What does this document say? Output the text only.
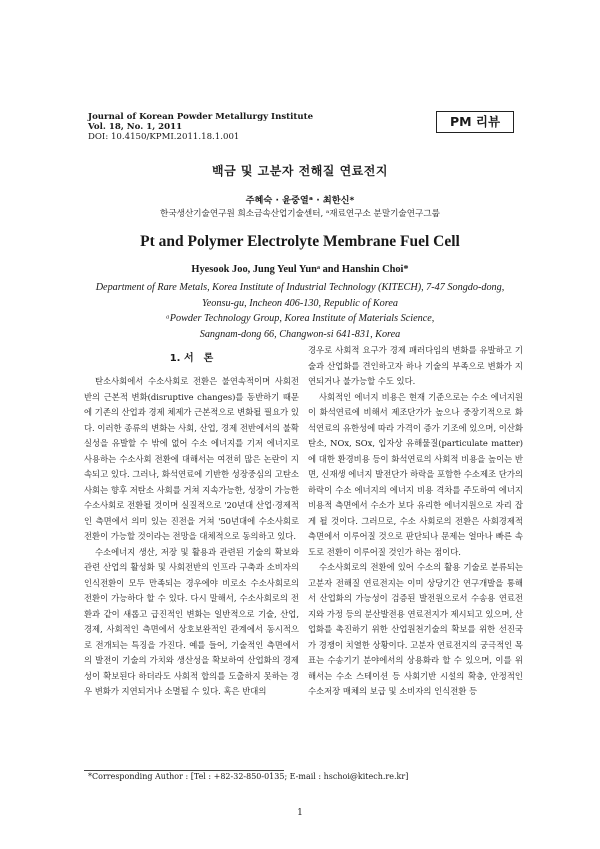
Journal of Korean Powder Metallurgy Institute
Vol. 18, No. 1, 2011
DOI: 10.4150/KPMI.2011.18.1.001
PM 리뷰
백금 및 고분자 전해질 연료전지
주혜숙 · 윤중열ᵃ · 최한신*
한국생산기술연구원 희소금속산업기술센터, ᵃ재료연구소 분말기술연구그룹
Pt and Polymer Electrolyte Membrane Fuel Cell
Hyesook Joo, Jung Yeul Yunᵃ and Hanshin Choi*
Department of Rare Metals, Korea Institute of Industrial Technology (KITECH), 7-47 Songdo-dong,
Yeonsu-gu, Incheon 406-130, Republic of Korea
ᵃPowder Technology Group, Korea Institute of Materials Science,
Sangnam-dong 66, Changwon-si 641-831, Korea
1. 서　론

탄소사회에서 수소사회로 전환은 불연속적이며 사회전반의 근본적 변화(disruptive changes)를 동반하기 때문에 기존의 산업과 경제 체제가 근본적으로 변화될 필요가 있다. 이러한 종류의 변화는 사회, 산업, 경제 전반에서의 불확실성을 유발할 수 밖에 없어 수소 에너지를 기저 에너지로 사용하는 수소사회 전환에 대해서는 여전히 많은 논란이 지속되고 있다. 그러나, 화석연료에 기반한 성장중심의 고탄소 사회는 향후 저탄소 사회를 거쳐 지속가능한, 성장이 가능한 수소사회로 전환될 것이며 실질적으로 '20년대 산업·경제적인 측면에서 의미 있는 진전을 거쳐 '50년대에 수소사회로 전환이 가능할 것이라는 전망을 대체적으로 동의하고 있다.

수소에너지 생산, 저장 및 활용과 관련된 기술의 확보와 관련 산업의 활성화 및 사회전반의 인프라 구축과 소비자의 인식전환이 모두 만족되는 경우에야 비로소 수소사회로의 전환이 가능하다 할 수 있다. 다시 말해서, 수소사회로의 전환과 같이 새롭고 급진적인 변화는 일반적으로 기술, 산업, 경제, 사회적인 측면에서 상호보완적인 관계에서 동시적으로 전개되는 특징을 가진다. 예를 들어, 기술적인 측면에서의 발전이 기술의 가치와 생산성을 확보하여 산업화의 경제성이 확보된다 하더라도 사회적 합의를 도출하지 못하는 경우 변화가 지연되거나 소멸될 수 있다. 혹은 반대의

경우로 사회적 요구가 경제 패러다임의 변화를 유발하고 기술과 산업화를 견인하고자 하나 기술의 부족으로 변화가 지연되거나 불가능할 수도 있다.

사회적인 에너지 비용은 현재 기준으로는 수소 에너지원이 화석연료에 비해서 제조단가가 높으나 중장기적으로 화석연료의 유한성에 따라 가격이 증가 기조에 있으며, 이산화탄소, NOx, SOx, 입자상 유해물질(particulate matter)에 대한 환경비용 등이 화석연료의 사회적 비용을 높이는 반면, 신재생 에너지 발전단가 하락을 포함한 수소제조 단가의 하락이 수소 에너지의 에너지 비용 격차를 주도하여 에너지 비용적 측면에서 수소가 보다 유리한 에너지원으로 자리 잡게 될 것이다. 그러므로, 수소 사회로의 전환은 사회경제적 측면에서 이루어질 것으로 판단되나 문제는 얼마나 빠른 속도로 전환이 이루어질 것인가 하는 점이다.

수소사회로의 전환에 있어 수소의 활용 기술로 분류되는 고분자 전해질 연료전지는 이미 상당기간 연구개발을 통해서 산업화의 가능성이 검증된 발전원으로서 수송용 연료전지와 가정 등의 분산발전용 연료전지가 제시되고 있으며, 산업화를 촉진하기 위한 산업원천기술의 확보를 위한 선진국가 경쟁이 치열한 상황이다. 고분자 연료전지의 궁극적인 목표는 수송기기 분야에서의 상용화라 할 수 있으며, 이를 위해서는 수소 스테이션 등 사회기반 시설의 확충, 안정적인 수소저장 매체의 보급 및 소비자의 인식전환 등

*Corresponding Author : [Tel : +82-32-850-0135; E-mail : hschoi@kitech.re.kr]
1
